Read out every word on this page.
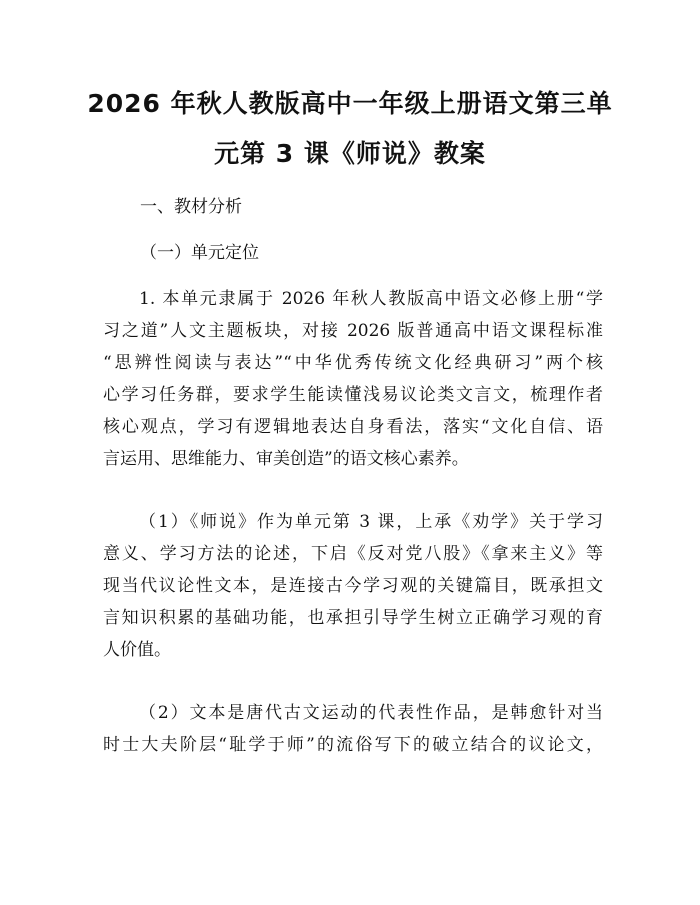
2026 年秋人教版高中一年级上册语文第三单
元第 3 课《师说》教案

一、教材分析

（一）单元定位

1. 本单元隶属于 2026 年秋人教版高中语文必修上册“学
习之道”人文主题板块，对接 2026 版普通高中语文课程标准
“思辨性阅读与表达”“中华优秀传统文化经典研习”两个核
心学习任务群，要求学生能读懂浅易议论类文言文，梳理作者
核心观点，学习有逻辑地表达自身看法，落实“文化自信、语
言运用、思维能力、审美创造”的语文核心素养。
（1）《师说》作为单元第 3 课，上承《劝学》关于学习
意义、学习方法的论述，下启《反对党八股》《拿来主义》等
现当代议论性文本，是连接古今学习观的关键篇目，既承担文
言知识积累的基础功能，也承担引导学生树立正确学习观的育
人价值。
（2）文本是唐代古文运动的代表性作品，是韩愈针对当
时士大夫阶层“耻学于师”的流俗写下的破立结合的议论文，
